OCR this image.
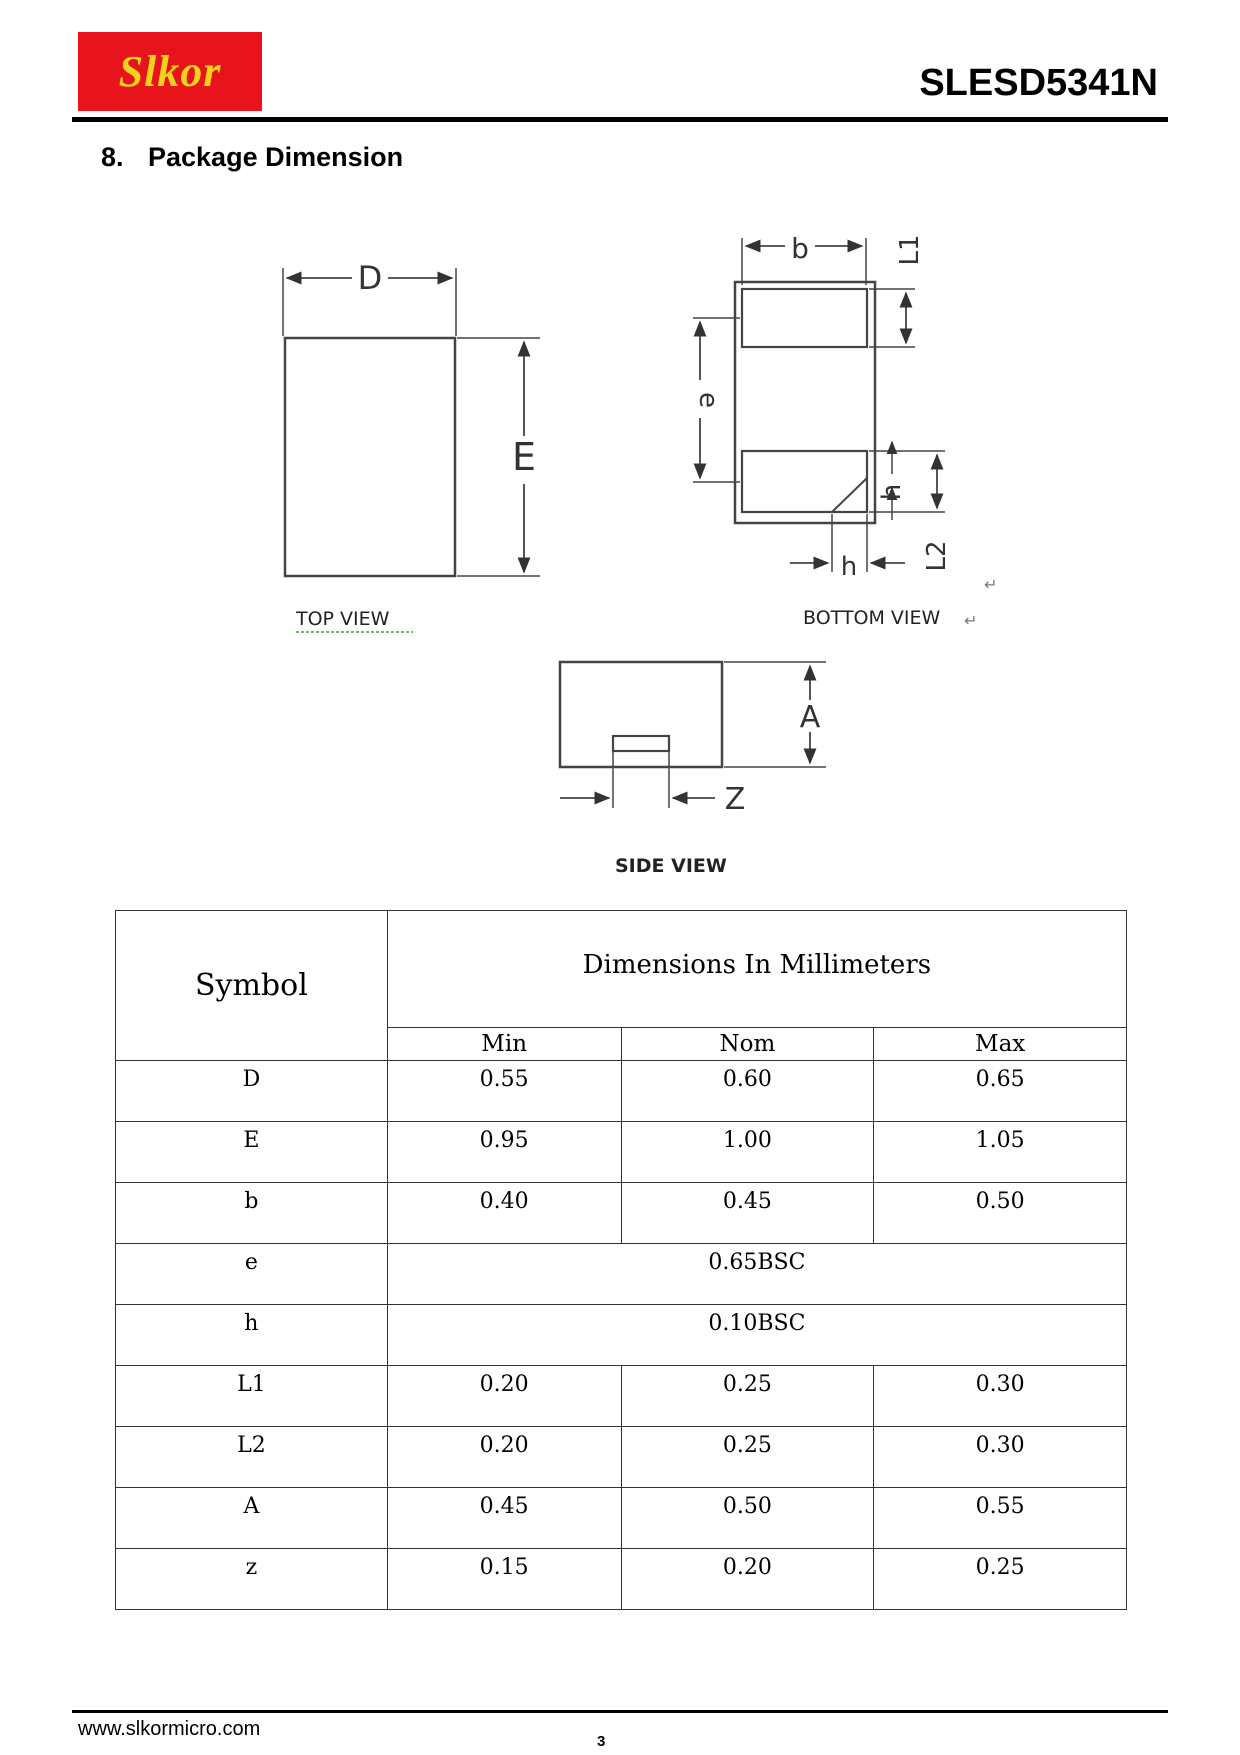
Slkor	SLESD5341N
8. Package Dimension
D
E
TOP VIEW
b	L1
e
h
L2
h
BOTTOM VIEW ↵
↵
A
Z
SIDE VIEW
Symbol	Dimensions In Millimeters		
	Min	Nom	Max
D	0.55	0.60	0.65
E	0.95	1.00	1.05
b	0.40	0.45	0.50
e	0.65BSC		
h	0.10BSC		
L1	0.20	0.25	0.30
L2	0.20	0.25	0.30
A	0.45	0.50	0.55
z	0.15	0.20	0.25
www.slkormicro.com
3
